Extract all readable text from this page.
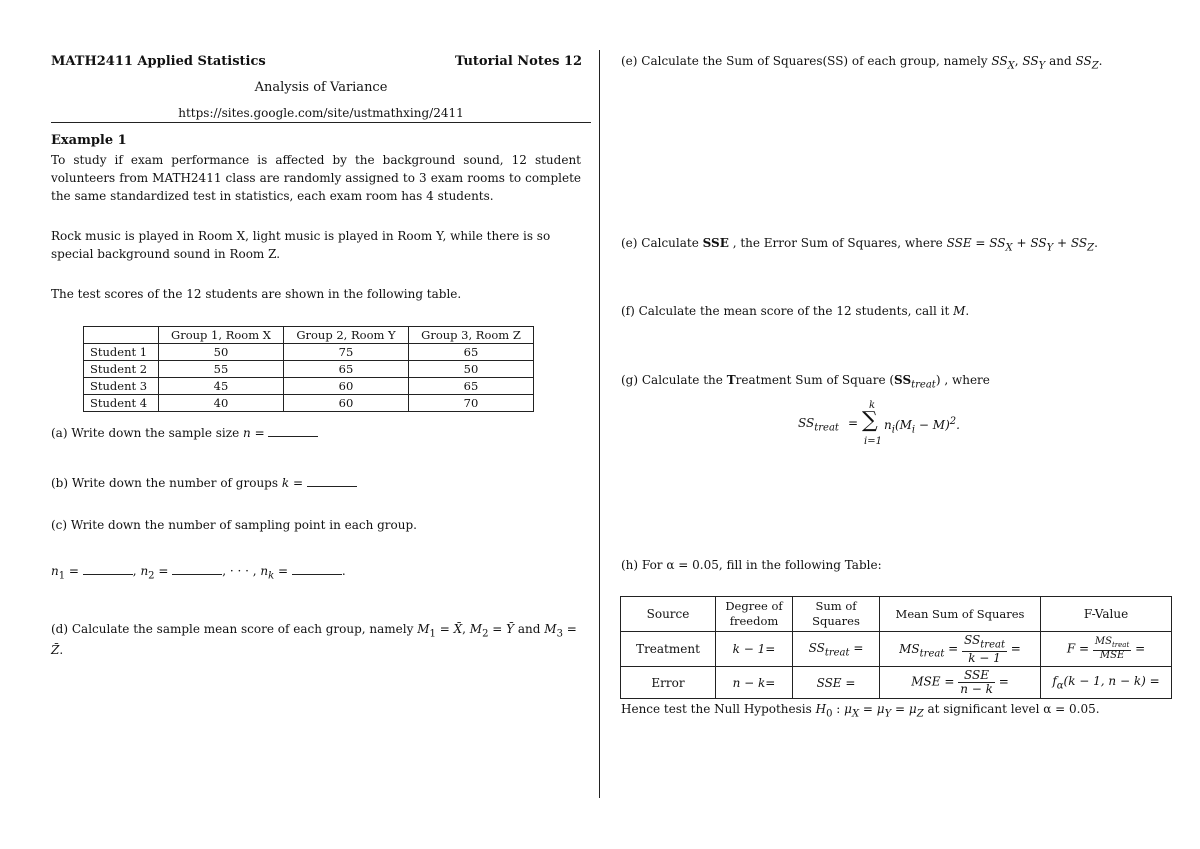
MATH2411 Applied Statistics	Tutorial Notes 12
Analysis of Variance
https://sites.google.com/site/ustmathxing/2411
Example 1
To study if exam performance is affected by the background sound, 12 student volunteers from MATH2411 class are randomly assigned to 3 exam rooms to complete the same standardized test in statistics, each exam room has 4 students.
Rock music is played in Room X, light music is played in Room Y, while there is so special background sound in Room Z.
The test scores of the 12 students are shown in the following table.
	Group 1, Room X	Group 2, Room Y	Group 3, Room Z
Student 1	50	75	65
Student 2	55	65	50
Student 3	45	60	65
Student 4	40	60	70
(a) Write down the sample size n =
(b) Write down the number of groups k =
(c) Write down the number of sampling point in each group.
$n_1$ =	, $n_2$ =	, · · · , $n_k$ =	.
(d) Calculate the sample mean score of each group, namely $M_1$ = X̄, $M_2$ = Ȳ and $M_3$ = Z̄.
(e) Calculate the Sum of Squares(SS) of each group, namely $SS_X$, $SS_Y$ and $SS_Z$.
(e) Calculate SSE , the Error Sum of Squares, where SSE = $SS_X + SS_Y + SS_Z$.
(f) Calculate the mean score of the 12 students, call it M.
(g) Calculate the Treatment Sum of Square $(SS_{treat})$ , where
$SS_{treat}$ =
k
∑
i=1
$n_i(M_i - M)^2$.
(h) For α = 0.05, fill in the following Table:
Source	Degree of freedom	Sum of Squares	Mean Sum of Squares	F-Value
Treatment	k − 1=	$SS_{treat}$ =	$MS_{treat} = \frac{SS_{treat}}{k - 1}$ =	$F = \frac{MS_{treat}}{\text{MSE}}$ =
Error	n − k=	SSE =	MSE = $\frac{\text{SSE}}{n - k}$ =	$f_\alpha(k - 1$, n − k) =
Hence test the Null Hypothesis $H_0$ : $\mu_X = \mu_Y = \mu_Z$ at significant level α = 0.05.
